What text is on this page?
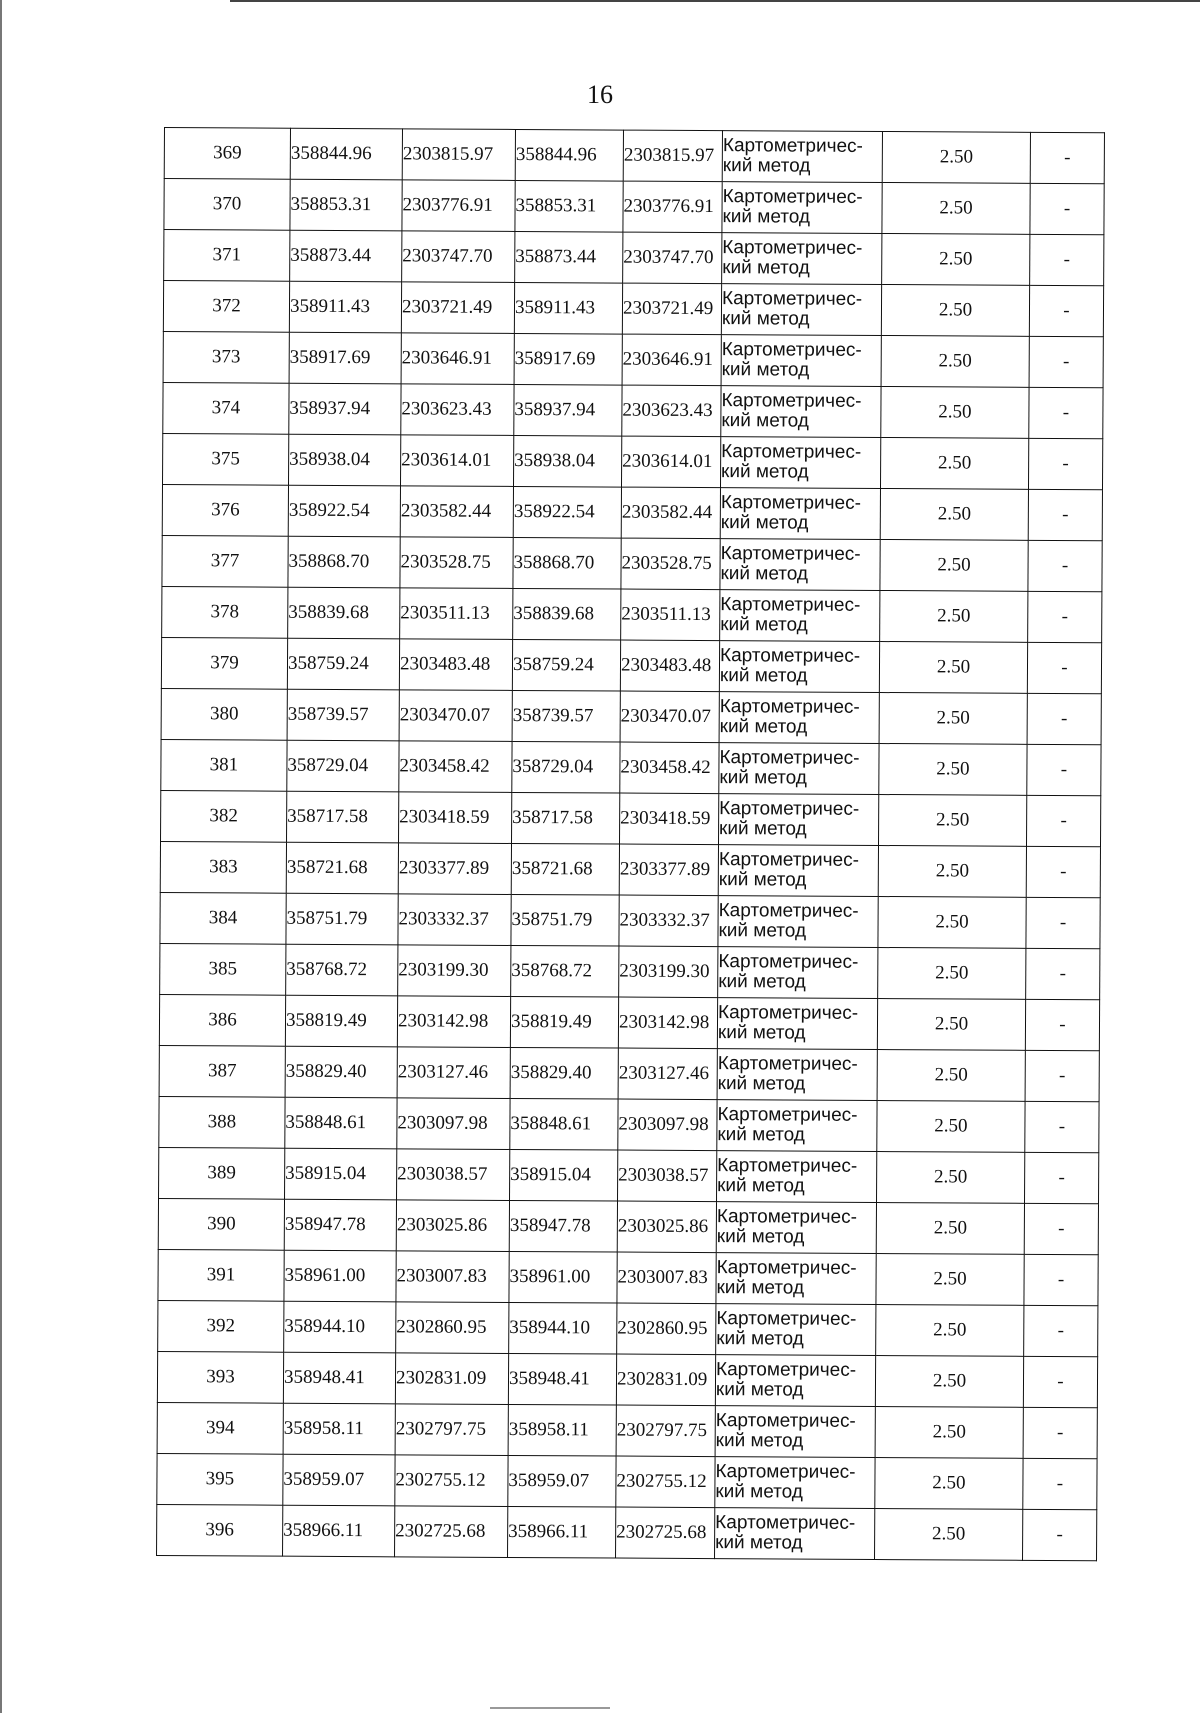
16
369	358844.96	2303815.97	358844.96	2303815.97	Картометричес-
кий метод	2.50	-
370	358853.31	2303776.91	358853.31	2303776.91	Картометричес-
кий метод	2.50	-
371	358873.44	2303747.70	358873.44	2303747.70	Картометричес-
кий метод	2.50	-
372	358911.43	2303721.49	358911.43	2303721.49	Картометричес-
кий метод	2.50	-
373	358917.69	2303646.91	358917.69	2303646.91	Картометричес-
кий метод	2.50	-
374	358937.94	2303623.43	358937.94	2303623.43	Картометричес-
кий метод	2.50	-
375	358938.04	2303614.01	358938.04	2303614.01	Картометричес-
кий метод	2.50	-
376	358922.54	2303582.44	358922.54	2303582.44	Картометричес-
кий метод	2.50	-
377	358868.70	2303528.75	358868.70	2303528.75	Картометричес-
кий метод	2.50	-
378	358839.68	2303511.13	358839.68	2303511.13	Картометричес-
кий метод	2.50	-
379	358759.24	2303483.48	358759.24	2303483.48	Картометричес-
кий метод	2.50	-
380	358739.57	2303470.07	358739.57	2303470.07	Картометричес-
кий метод	2.50	-
381	358729.04	2303458.42	358729.04	2303458.42	Картометричес-
кий метод	2.50	-
382	358717.58	2303418.59	358717.58	2303418.59	Картометричес-
кий метод	2.50	-
383	358721.68	2303377.89	358721.68	2303377.89	Картометричес-
кий метод	2.50	-
384	358751.79	2303332.37	358751.79	2303332.37	Картометричес-
кий метод	2.50	-
385	358768.72	2303199.30	358768.72	2303199.30	Картометричес-
кий метод	2.50	-
386	358819.49	2303142.98	358819.49	2303142.98	Картометричес-
кий метод	2.50	-
387	358829.40	2303127.46	358829.40	2303127.46	Картометричес-
кий метод	2.50	-
388	358848.61	2303097.98	358848.61	2303097.98	Картометричес-
кий метод	2.50	-
389	358915.04	2303038.57	358915.04	2303038.57	Картометричес-
кий метод	2.50	-
390	358947.78	2303025.86	358947.78	2303025.86	Картометричес-
кий метод	2.50	-
391	358961.00	2303007.83	358961.00	2303007.83	Картометричес-
кий метод	2.50	-
392	358944.10	2302860.95	358944.10	2302860.95	Картометричес-
кий метод	2.50	-
393	358948.41	2302831.09	358948.41	2302831.09	Картометричес-
кий метод	2.50	-
394	358958.11	2302797.75	358958.11	2302797.75	Картометричес-
кий метод	2.50	-
395	358959.07	2302755.12	358959.07	2302755.12	Картометричес-
кий метод	2.50	-
396	358966.11	2302725.68	358966.11	2302725.68	Картометричес-
кий метод	2.50	-
